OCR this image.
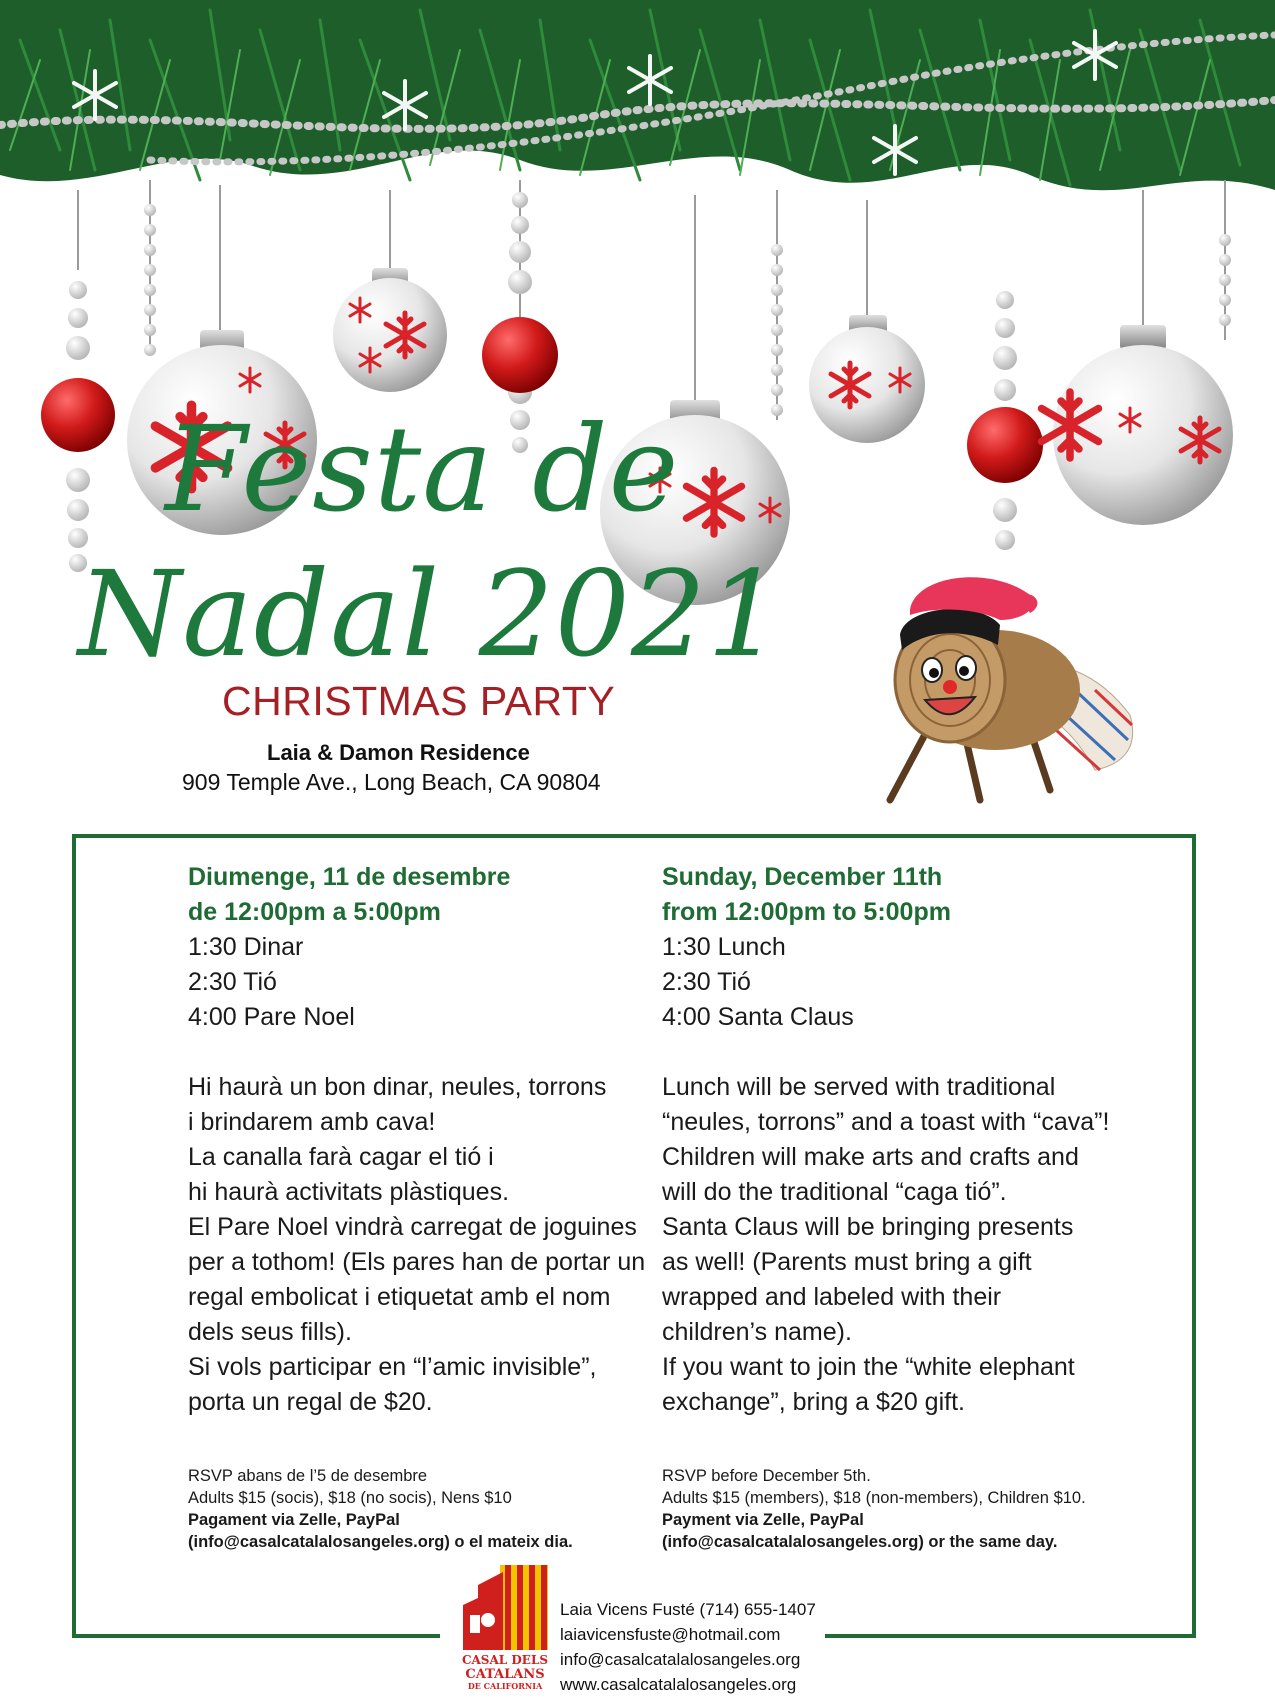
Festa de
Nadal 2021
CHRISTMAS PARTY
Laia & Damon Residence
909 Temple Ave., Long Beach, CA 90804
Diumenge, 11 de desembre
de 12:00pm a 5:00pm
1:30 Dinar
2:30 Tió
4:00 Pare Noel
Hi haurà un bon dinar, neules, torrons
i brindarem amb cava!
La canalla farà cagar el tió i
hi haurà activitats plàstiques.
El Pare Noel vindrà carregat de joguines
per a tothom! (Els pares han de portar un
regal embolicat i etiquetat amb el nom
dels seus fills).
Si vols participar en “l’amic invisible”,
porta un regal de $20.
RSVP abans de l’5 de desembre
Adults $15 (socis), $18 (no socis), Nens $10
Pagament via Zelle, PayPal
(info@casalcatalalosangeles.org) o el mateix dia.
Sunday, December 11th
from 12:00pm to 5:00pm
1:30 Lunch
2:30 Tió
4:00 Santa Claus
Lunch will be served with traditional
“neules, torrons” and a toast with “cava”!
Children will make arts and crafts and
will do the traditional “caga tió”.
Santa Claus will be bringing presents
as well! (Parents must bring a gift
wrapped and labeled with their
children’s name).
If you want to join the “white elephant
exchange”, bring a $20 gift.
RSVP before December 5th.
Adults $15 (members), $18 (non-members), Children $10.
Payment via Zelle, PayPal
(info@casalcatalalosangeles.org) or the same day.
CASAL DELS
CATALANS
DE CALIFORNIA
Laia Vicens Fusté (714) 655-1407
laiavicensfuste@hotmail.com
info@casalcatalalosangeles.org
www.casalcatalalosangeles.org
